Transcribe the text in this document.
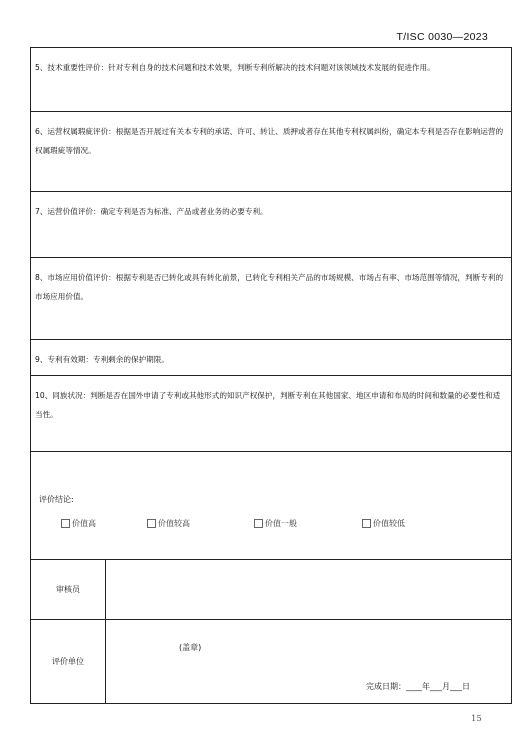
T/ISC 0030—2023
5、技术重要性评价：针对专利自身的技术问题和技术效果，判断专利所解决的技术问题对该领域技术发展的促进作用。
6、运营权属瑕疵评价：根据是否开展过有关本专利的承诺、许可、转让、质押或者存在其他专利权属纠纷，确定本专利是否存在影响运营的权属瑕疵等情况。
7、运营价值评价：确定专利是否为标准、产品或者业务的必要专利。
8、市场应用价值评价：根据专利是否已转化或具有转化前景，已转化专利相关产品的市场规模、市场占有率、市场范围等情况，判断专利的市场应用价值。
9、专利有效期：专利剩余的保护期限。
10、同族状况：判断是否在国外申请了专利或其他形式的知识产权保护，判断专利在其他国家、地区申请和布局的时间和数量的必要性和适当性。
评价结论:
价值高	价值较高	价值一般	价值较低
审核员
评价单位
(盖章)
完成日期：____年___月___日
15
